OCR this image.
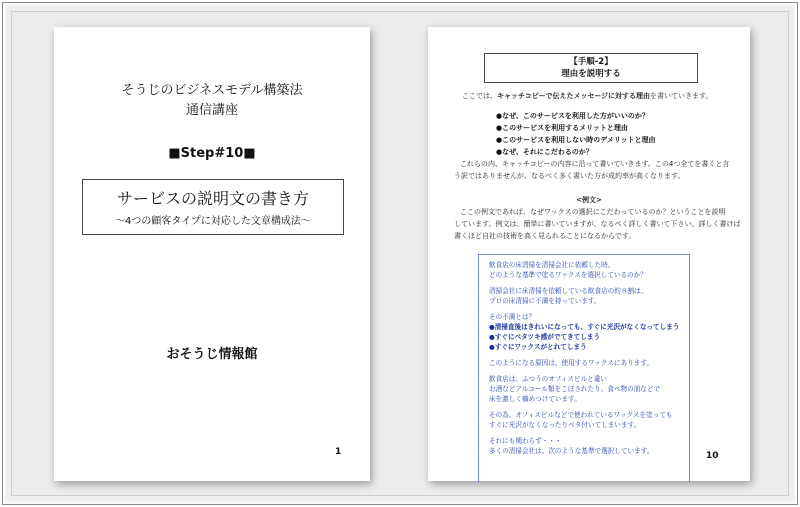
そうじのビジネスモデル構築法
通信講座
■Step#10■
サービスの説明文の書き方
〜4つの顧客タイプに対応した文章構成法〜
おそうじ情報館
1
【手順-2】
理由を説明する
ここでは、キャッチコピーで伝えたメッセージに対する理由を書いていきます。
●なぜ、このサービスを利用した方がいいのか？
●このサービスを利用するメリットと理由
●このサービスを利用しない時のデメリットと理由
●なぜ、それにこだわるのか？
これらの内、キャッチコピーの内容に沿って書いていきます。この4つ全てを書くと言
う訳ではありませんが、なるべく多く書いた方が成約率が高くなります。
<例文>
ここの例文であれば、なぜワックスの選択にこだわっているのか？ということを説明
しています。例文は、簡単に書いていますが、なるべく詳しく書いて下さい。詳しく書けば
書くほど自社の技術を高く見られることになるからです。
飲食店の床清掃を清掃会社に依頼した時、
どのような基準で塗るワックスを選択しているのか？
清掃会社に床清掃を依頼している飲食店の約８割は、
プロの床清掃に不満を持っています。
その不満とは？
●清掃直後はきれいになっても、すぐに光沢がなくなってしまう
●すぐにベタツキ感がでてきてしまう
●すぐにワックスがとれてしまう
このようになる原因は、使用するワックスにあります。
飲食店は、ふつうのオフィスビルと違い
お酒などアルコール類をこぼされたり、食べ物の油などで
床を激しく痛めつけています。
その為、オフィスビルなどで使われているワックスを塗っても
すぐに光沢がなくなったりベタ付いてしまいます。
それにも関わらず・・・
多くの清掃会社は、次のような基準で選択しています。	10
